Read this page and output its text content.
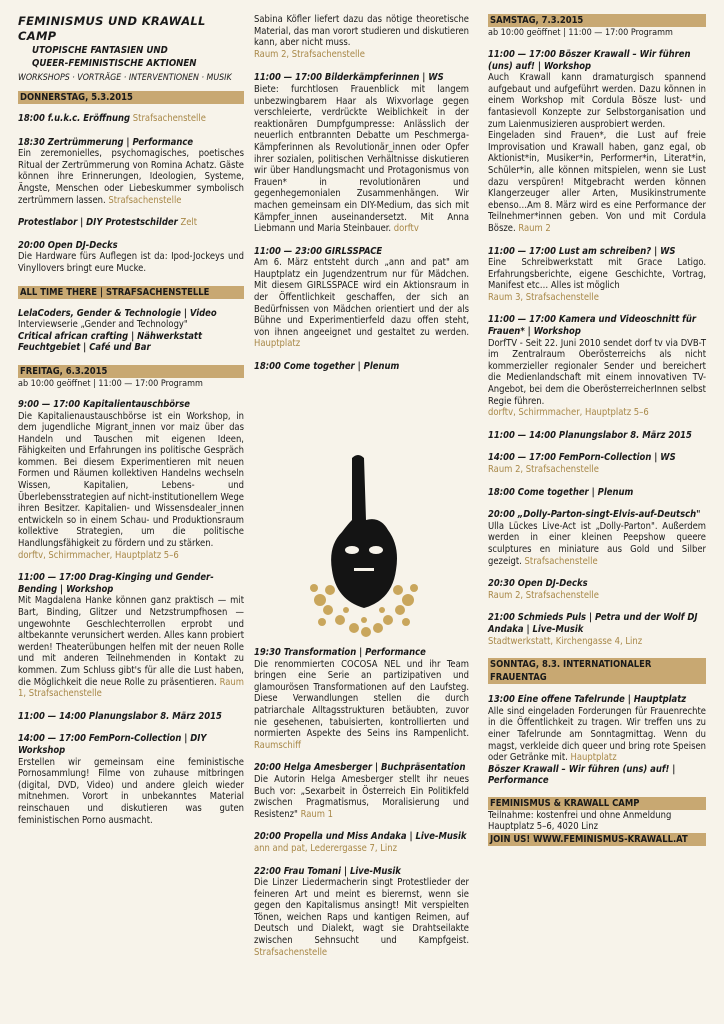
FEMINISMUS UND KRAWALL CAMP
UTOPISCHE FANTASIEN UND
QUEER-FEMINISTISCHE AKTIONEN
WORKSHOPS · VORTRÄGE · INTERVENTIONEN · MUSIK
DONNERSTAG, 5.3.2015
18:00 f.u.k.c. Eröffnung Strafsachenstelle
18:30 Zertrümmerung | Performance
Ein zeremonielles, psychomagisches, poetisches Ritual der Zertrümmerung von Romina Achatz. Gäste können ihre Erinnerungen, Ideologien, Systeme, Ängste, Menschen oder Liebeskummer symbolisch zertrümmern lassen. Strafsachenstelle
Protestlabor | DIY Protestschilder Zelt
20:00 Open DJ-Decks
Die Hardware fürs Auflegen ist da: Ipod-Jockeys und Vinyllovers bringt eure Mucke.
ALL TIME THERE | STRAFSACHENSTELLE
LelaCoders, Gender & Technologie | Video
Interviewserie „Gender and Technology"
Critical african crafting | Nähwerkstatt
Feuchtgebiet | Café und Bar
FREITAG, 6.3.2015
ab 10:00 geöffnet | 11:00 — 17:00 Programm
9:00 — 17:00 Kapitalientauschbörse
Die Kapitalienaustauschbörse ist ein Workshop, in dem jugendliche Migrant_innen vor maiz über das Handeln und Tauschen mit eigenen Ideen, Fähigkeiten und Erfahrungen ins politische Gespräch kommen. Bei diesem Experimentieren mit neuen Formen und Räumen kollektiven Handelns wechseln Wissen, Kapitalien, Lebens- und Überlebensstrategien auf nicht-institutionellem Wege ihren Besitzer. Kapitalien- und Wissensdealer_innen entwickeln so in einem Schau- und Produktionsraum kollektive Strategien, um die politische Handlungsfähigkeit zu fördern und zu stärken.
dorftv, Schirmmacher, Hauptplatz 5–6
11:00 — 17:00 Drag-Kinging und Gender-Bending | Workshop
Mit Magdalena Hanke können ganz praktisch — mit Bart, Binding, Glitzer und Netzstrumpfhosen — ungewohnte Geschlechterrollen erprobt und altbekannte verunsichert werden. Alles kann probiert werden! Theaterübungen helfen mit der neuen Rolle und mit anderen Teilnehmenden in Kontakt zu kommen. Zum Schluss gibt's für alle die Lust haben, die Möglichkeit die neue Rolle zu präsentieren. Raum 1, Strafsachenstelle
11:00 — 14:00 Planungslabor 8. März 2015
14:00 — 17:00 FemPorn-Collection | DIY Workshop
Erstellen wir gemeinsam eine feministische Pornosammlung! Filme von zuhause mitbringen (digital, DVD, Video) und andere gleich wieder mitnehmen. Vorort in unbekanntes Material reinschauen und diskutieren was guten feministischen Porno ausmacht.
Sabina Köfler liefert dazu das nötige theoretische Material, das man vorort studieren und diskutieren kann, aber nicht muss.
Raum 2, Strafsachenstelle
11:00 — 17:00 Bilderkämpferinnen | WS
Biete: furchtlosen Frauenblick mit langem unbezwingbarem Haar als Wixvorlage gegen verschleierte, verdrückte Weiblichkeit in der reaktionären Dumpfgumpresse: Anlässlich der neuerlich entbrannten Debatte um Peschmerga-Kämpferinnen als Revolutionär_innen oder Opfer ihrer sozialen, politischen Verhältnisse diskutieren wir über Handlungsmacht und Protagonismus von Frauen* in revolutionären und gegenhegemonialen Zusammenhängen. Wir machen gemeinsam ein DIY-Medium, das sich mit Kämpfer_innen auseinandersetzt. Mit Anna Liebmann und Maria Steinbauer. dorftv
11:00 — 23:00 GIRLSSPACE
Am 6. März entsteht durch „ann and pat" am Hauptplatz ein Jugendzentrum nur für Mädchen. Mit diesem GIRLSSPACE wird ein Aktionsraum in der Öffentlichkeit geschaffen, der sich an Bedürfnissen von Mädchen orientiert und der als Bühne und Experimentierfeld dazu offen steht, von ihnen angeeignet und gestaltet zu werden. Hauptplatz
18:00 Come together | Plenum
19:30 Transformation | Performance
Die renommierten COCOSA NEL und ihr Team bringen eine Serie an partizipativen und glamourösen Transformationen auf den Laufsteg. Diese Verwandlungen stellen die durch patriarchale Alltagsstrukturen betäubten, zuvor nie gesehenen, tabuisierten, kontrollierten und normierten Aspekte des Seins ins Rampenlicht. Raumschiff
20:00 Helga Amesberger | Buchpräsentation
Die Autorin Helga Amesberger stellt ihr neues Buch vor: „Sexarbeit in Österreich Ein Politikfeld zwischen Pragmatismus, Moralisierung und Resistenz" Raum 1
20:00 Propella und Miss Andaka | Live-Musik
ann and pat, Lederergasse 7, Linz
22:00 Frau Tomani | Live-Musik
Die Linzer Liedermacherin singt Protestlieder der feineren Art und meint es bierernst, wenn sie gegen den Kapitalismus ansingt! Mit verspielten Tönen, weichen Raps und kantigen Reimen, auf Deutsch und Dialekt, wagt sie Drahtseilakte zwischen Sehnsucht und Kampfgeist. Strafsachenstelle
SAMSTAG, 7.3.2015
ab 10:00 geöffnet | 11:00 — 17:00 Programm
11:00 — 17:00 Böszer Krawall – Wir führen (uns) auf! | Workshop
Auch Krawall kann dramaturgisch spannend aufgebaut und aufgeführt werden. Dazu können in einem Workshop mit Cordula Bösze lust- und fantasievoll Konzepte zur Selbstorganisation und zum Laienmusizieren ausprobiert werden.
Eingeladen sind Frauen*, die Lust auf freie Improvisation und Krawall haben, ganz egal, ob Aktionist*in, Musiker*in, Performer*in, Literat*in, Schüler*in, alle können mitspielen, wenn sie Lust dazu verspüren! Mitgebracht werden können Klangerzeuger aller Arten, Musikinstrumente ebenso…Am 8. März wird es eine Performance der Teilnehmer*innen geben. Von und mit Cordula Bösze. Raum 2
11:00 — 17:00 Lust am schreiben? | WS
Eine Schreibwerkstatt mit Grace Latigo. Erfahrungsberichte, eigene Geschichte, Vortrag, Manifest etc… Alles ist möglich
Raum 3, Strafsachenstelle
11:00 — 17:00 Kamera und Videoschnitt für Frauen* | Workshop
DorfTV - Seit 22. Juni 2010 sendet dorf tv via DVB-T im Zentralraum Oberösterreichs als nicht kommerzieller regionaler Sender und bereichert die Medienlandschaft mit einem innovativen TV-Angebot, bei dem die OberösterreicherInnen selbst Regie führen.
dorftv, Schirmmacher, Hauptplatz 5–6
11:00 — 14:00 Planungslabor 8. März 2015
14:00 — 17:00 FemPorn-Collection | WS
Raum 2, Strafsachenstelle
18:00 Come together | Plenum
20:00 „Dolly-Parton-singt-Elvis-auf-Deutsch"
Ulla Lückes Live-Act ist „Dolly-Parton". Außerdem werden in einer kleinen Peepshow queere sculptures en miniature aus Gold und Silber gezeigt. Strafsachenstelle
20:30 Open DJ-Decks
Raum 2, Strafsachenstelle
21:00 Schmieds Puls | Petra und der Wolf DJ Andaka | Live-Musik
Stadtwerkstatt, Kirchengasse 4, Linz
SONNTAG, 8.3. INTERNATIONALER FRAUENTAG
13:00 Eine offene Tafelrunde | Hauptplatz
Alle sind eingeladen Forderungen für Frauenrechte in die Öffentlichkeit zu tragen. Wir treffen uns zu einer Tafelrunde am Sonntagmittag. Wenn du magst, verkleide dich queer und bring rote Speisen oder Getränke mit. Hauptplatz
Böszer Krawall – Wir führen (uns) auf! | Performance
FEMINISMUS & KRAWALL CAMP
Teilnahme: kostenfrei und ohne Anmeldung
Hauptplatz 5–6, 4020 Linz
JOIN US! WWW.FEMINISMUS-KRAWALL.AT
